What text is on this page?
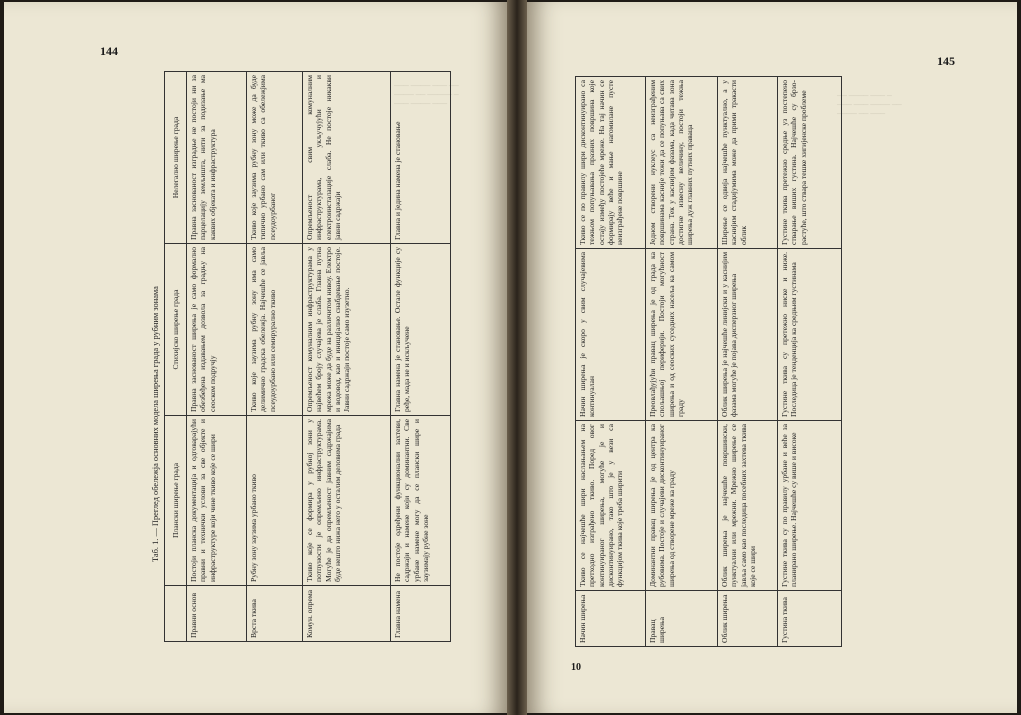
─── ──── ─── ──
──── ── ───── ─
─── ──── ───
144
Таб. 1. — Преглед обележја основних модела ширења града у рубним зонама
	Плански ширење града	Стихијско ширење града	Нелегално ширење града
Правни основ	Постоји планска документација и одговарајући правни и технички услови за све објекте и инфраструктуре који чине ткиво које се шири	Правна заснованост ширења је само формално обезбеђена издавањем дозвола за градњу на сеоском подручју	Правна заснованост изградње не постоји ни за парцелацију земљишта, нити за подизање ма каквих објеката и инфраструктура
Врста ткива	Рубну зону заузима урбано ткиво	Ткиво које заузима рубну зону има само делимично градска обележја. Најчешће се јавља псеудоурбано или семирурално ткиво	Ткиво које заузима рубну зону може да буде типично урбано сам или ткиво са обележјима псеудоурбаног
Комун. опрема	Ткиво које се формира у рубној зони у потпуности је опремљено инфраструктурама. Могуће је да опремљеност јавним садржајима буде нешто нижа него у осталим деловима града	Опремљеност комуналним инфраструктурама у највећем броју случајева је слаба. Главна путна мрежа може да буде на различитом нивоу. Електро и водовод, као и иницијално снабдевање постоје. Јавни садржаји постоје само изузетно.	Опремљеност свим комуналним инфраструктурама, укључујући и електроинсталације слаба. Не постоје никакви јавни садржаји
Главна намена	Не постоје одређени функционални захтеви, садржаји и намене који су доминантни. Све урбане намене могу да се плански шире и заузимају рубне зоне	Главна намена је становање. Остале функције су ређе, мада не и искључене	Главна и једина намена је становање
── ──── ─── ─
─── ─── ──── ──
──── ── ───
145
10
Начин ширења	Ткиво се најчешће шири наслањањем на претходно изграђено ткиво. Поред овог континуираног ширења, могуће је и дисконтинуирано, тако што је у вези са функцијом ткива које треба ширити	Начин ширења је скоро у свим случајевима континуалан	Ткиво се по правилу шири дисконтинуирано са тежњом попуњавања празних површина које остају између постојеће мреже. На тај начин се формирају веће и мање нагомилане пусте неизграђене површине
Правац ширења	Доминантни правац ширења је од центра ка рубовима. Постоје и случајеви дисконтинуираног ширења од створене мреже ка граду	Преовлађујући правац ширења је од града ка спољашњој периферији. Постоји могућност ширења и од сеоских суседних насеља ка самом граду	Једном створени нуклеус са неизграђеним површинама касније тежи да се попуњава са свих страна. Тек у каснијим фазама, када читава зона достигне извесну величину, постоји тежња ширења дуж главних путних праваца
Облик ширења	Облик ширења је најчешће површински, пунктуални или мрежни. Мрежно ширење се јавља само као последица посебних захтева ткива које се шири	Облик ширења је најчешће линијски и у каснијим фазама могуће је појава дисперзног ширења	Ширење се одвија најчешће пунктуално, а у каснијим стадијумима може да прими тракасти облик
Густина ткива	Густине ткива су по правилу урбане и веће за планирано ширење. Најчешће су више и високе	Густине ткива су претежно ниске и ниже. Последица је тенденција ка средњим густинама	Густине ткива претежно средње уз постепено стварање виших густина. Најчешће су брзо-растуће, што ствара тешке хигијенске проблеме
